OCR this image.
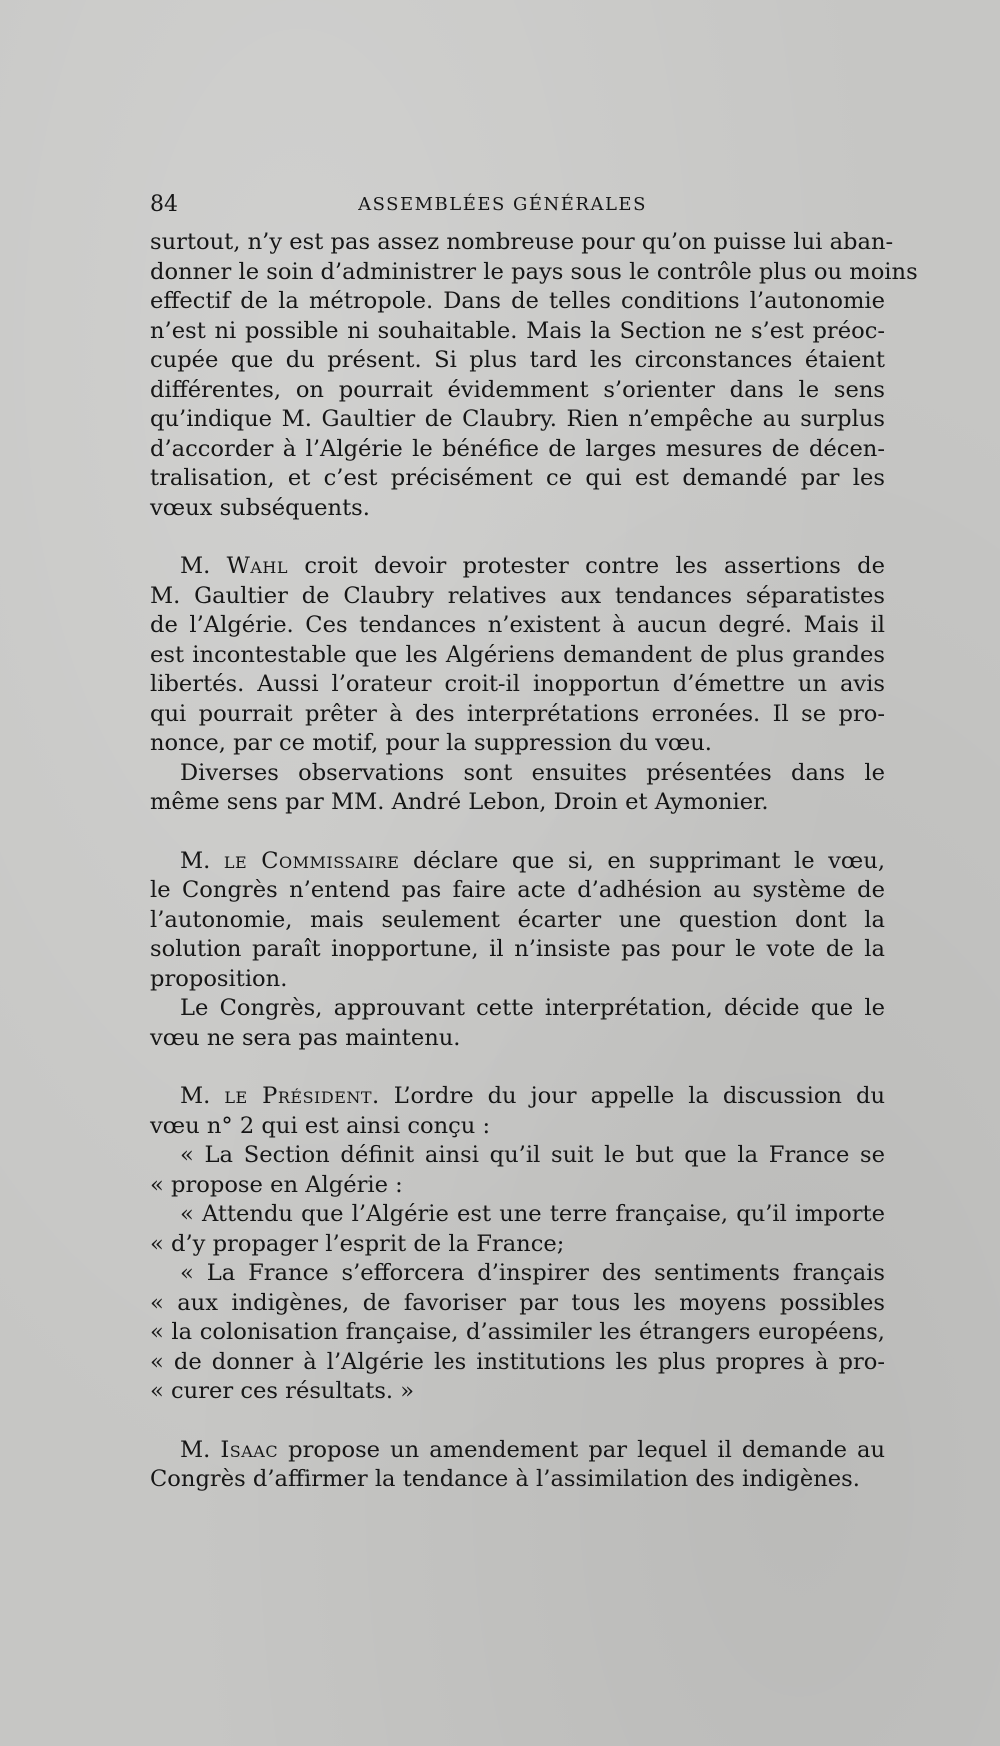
84	ASSEMBLÉES GÉNÉRALES

surtout, n’y est pas assez nombreuse pour qu’on puisse lui aban-
donner le soin d’administrer le pays sous le contrôle plus ou moins
effectif de la métropole. Dans de telles conditions l’autonomie
n’est ni possible ni souhaitable. Mais la Section ne s’est préoc-
cupée que du présent. Si plus tard les circonstances étaient
différentes, on pourrait évidemment s’orienter dans le sens
qu’indique M. Gaultier de Claubry. Rien n’empêche au surplus
d’accorder à l’Algérie le bénéfice de larges mesures de décen-
tralisation, et c’est précisément ce qui est demandé par les
vœux subséquents.

M. Wahl croit devoir protester contre les assertions de
M. Gaultier de Claubry relatives aux tendances séparatistes
de l’Algérie. Ces tendances n’existent à aucun degré. Mais il
est incontestable que les Algériens demandent de plus grandes
libertés. Aussi l’orateur croit-il inopportun d’émettre un avis
qui pourrait prêter à des interprétations erronées. Il se pro-
nonce, par ce motif, pour la suppression du vœu.

Diverses observations sont ensuites présentées dans le
même sens par MM. André Lebon, Droin et Aymonier.

M. le Commissaire déclare que si, en supprimant le vœu,
le Congrès n’entend pas faire acte d’adhésion au système de
l’autonomie, mais seulement écarter une question dont la
solution paraît inopportune, il n’insiste pas pour le vote de la
proposition.

Le Congrès, approuvant cette interprétation, décide que le
vœu ne sera pas maintenu.

M. le Président. L’ordre du jour appelle la discussion du
vœu n° 2 qui est ainsi conçu :

« La Section définit ainsi qu’il suit le but que la France se
« propose en Algérie :
« Attendu que l’Algérie est une terre française, qu’il importe
« d’y propager l’esprit de la France;
« La France s’efforcera d’inspirer des sentiments français
« aux indigènes, de favoriser par tous les moyens possibles
« la colonisation française, d’assimiler les étrangers européens,
« de donner à l’Algérie les institutions les plus propres à pro-
« curer ces résultats. »

M. Isaac propose un amendement par lequel il demande au
Congrès d’affirmer la tendance à l’assimilation des indigènes.
